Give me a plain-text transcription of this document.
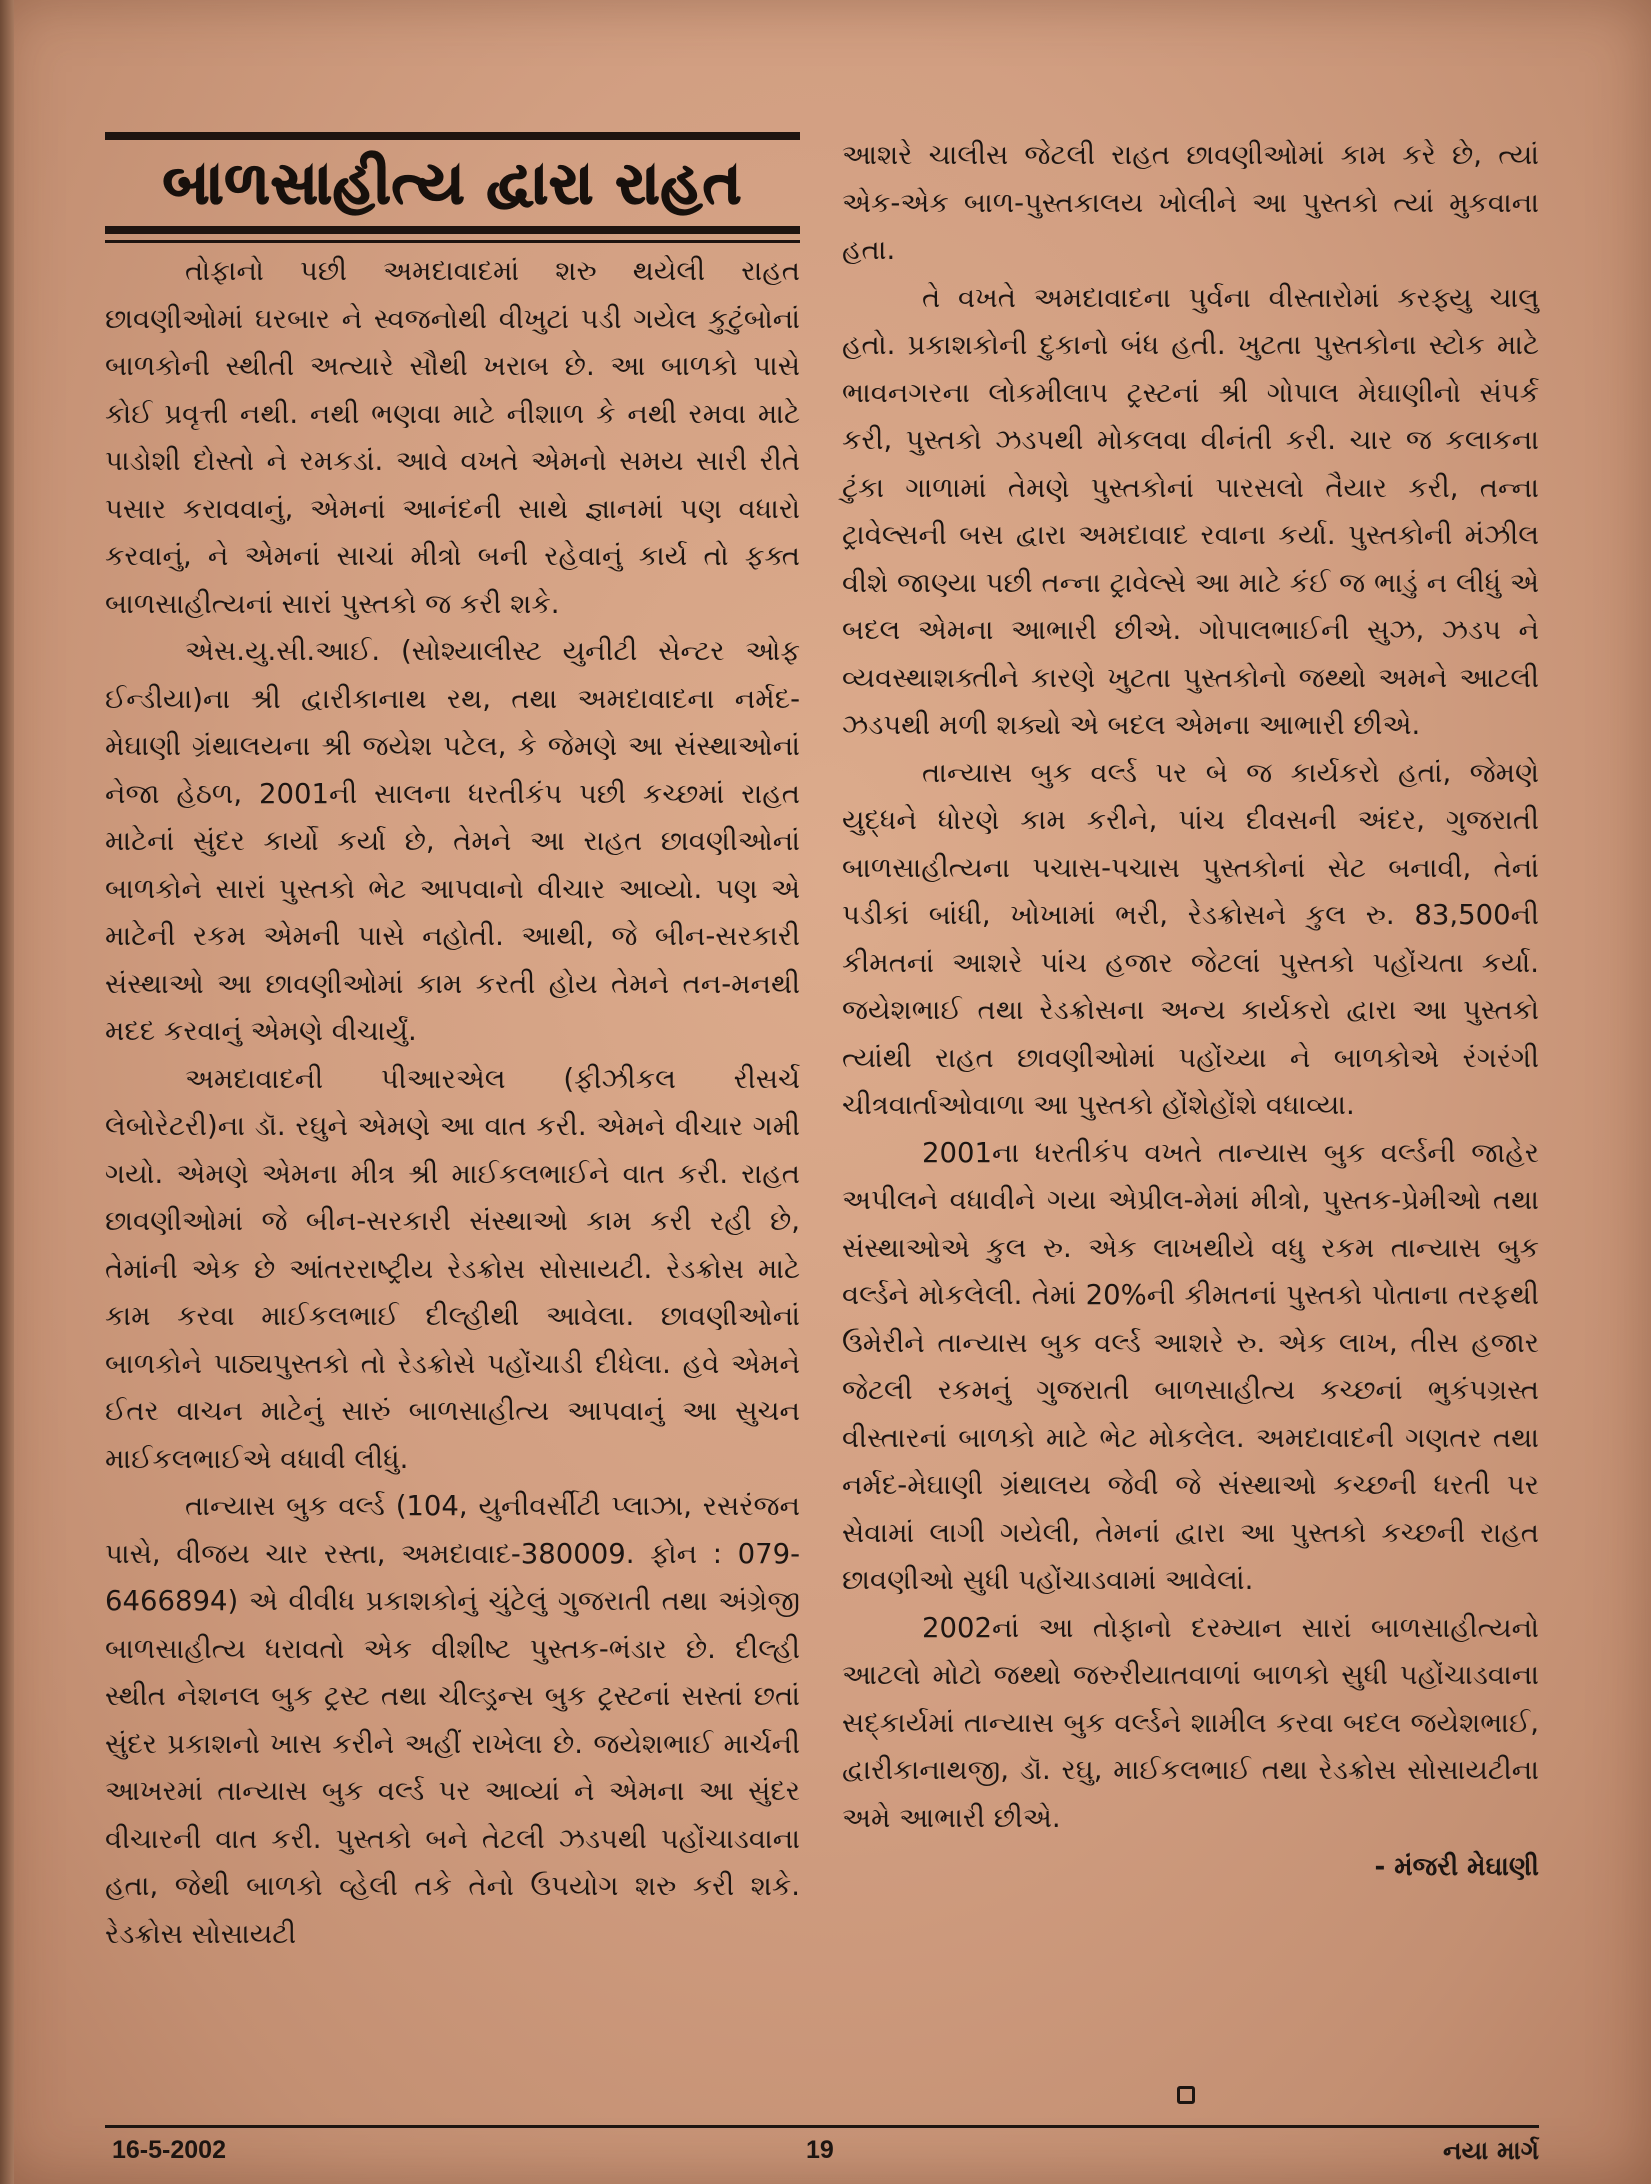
બાળસાહીત્ય દ્વારા રાહત

તોફાનો પછી અમદાવાદમાં શરુ થયેલી રાહત છાવણીઓમાં ઘરબાર ને સ્વજનોથી વીખુટાં પડી ગયેલ કુટુંબોનાં બાળકોની સ્થીતી અત્યારે સૌથી ખરાબ છે. આ બાળકો પાસે કોઈ પ્રવૃત્તી નથી. નથી ભણવા માટે નીશાળ કે નથી રમવા માટે પાડોશી દોસ્તો ને રમકડાં. આવે વખતે એમનો સમય સારી રીતે પસાર કરાવવાનું, એમનાં આનંદની સાથે જ્ઞાનમાં પણ વધારો કરવાનું, ને એમનાં સાચાં મીત્રો બની રહેવાનું કાર્ય તો ફક્ત બાળસાહીત્યનાં સારાં પુસ્તકો જ કરી શકે.

એસ.યુ.સી.આઈ. (સોશ્યાલીસ્ટ યુનીટી સેન્ટર ઓફ ઈન્ડીયા)ના શ્રી દ્વારીકાનાથ રથ, તથા અમદાવાદના નર્મદ-મેઘાણી ગ્રંથાલયના શ્રી જયેશ પટેલ, કે જેમણે આ સંસ્થાઓનાં નેજા હેઠળ, 2001ની સાલના ધરતીકંપ પછી કચ્છમાં રાહત માટેનાં સુંદર કાર્યો કર્યા છે, તેમને આ રાહત છાવણીઓનાં બાળકોને સારાં પુસ્તકો ભેટ આપવાનો વીચાર આવ્યો. પણ એ માટેની રકમ એમની પાસે નહોતી. આથી, જે બીન-સરકારી સંસ્થાઓ આ છાવણીઓમાં કામ કરતી હોય તેમને તન-મનથી મદદ કરવાનું એમણે વીચાર્યું.

અમદાવાદની પીઆરએલ (ફીઝીકલ રીસર્ચ લેબોરેટરી)ના ડૉ. રઘુને એમણે આ વાત કરી. એમને વીચાર ગમી ગયો. એમણે એમના મીત્ર શ્રી માઈકલભાઈને વાત કરી. રાહત છાવણીઓમાં જે બીન-સરકારી સંસ્થાઓ કામ કરી રહી છે, તેમાંની એક છે આંતરરાષ્ટ્રીય રેડક્રોસ સોસાયટી. રેડક્રોસ માટે કામ કરવા માઈકલભાઈ દીલ્હીથી આવેલા. છાવણીઓનાં બાળકોને પાઠ્યપુસ્તકો તો રેડક્રોસે પહોંચાડી દીધેલા. હવે એમને ઈતર વાચન માટેનું સારું બાળસાહીત્ય આપવાનું આ સુચન માઈકલભાઈએ વધાવી લીધું.

તાન્યાસ બુક વર્લ્ડ (104, યુનીવર્સીટી પ્લાઝા, રસરંજન પાસે, વીજય ચાર રસ્તા, અમદાવાદ-380009. ફોન : 079-6466894) એ વીવીધ પ્રકાશકોનું ચુંટેલું ગુજરાતી તથા અંગ્રેજી બાળસાહીત્ય ધરાવતો એક વીશીષ્ટ પુસ્તક-ભંડાર છે. દીલ્હી સ્થીત નેશનલ બુક ટ્રસ્ટ તથા ચીલ્ડ્રન્સ બુક ટ્રસ્ટનાં સસ્તાં છતાં સુંદર પ્રકાશનો ખાસ કરીને અહીં રાખેલા છે. જયેશભાઈ માર્ચની આખરમાં તાન્યાસ બુક વર્લ્ડ પર આવ્યાં ને એમના આ સુંદર વીચારની વાત કરી. પુસ્તકો બને તેટલી ઝડપથી પહોંચાડવાના હતા, જેથી બાળકો વ્હેલી તકે તેનો ઉપયોગ શરુ કરી શકે. રેડક્રોસ સોસાયટી

આશરે ચાલીસ જેટલી રાહત છાવણીઓમાં કામ કરે છે, ત્યાં એક-એક બાળ-પુસ્તકાલય ખોલીને આ પુસ્તકો ત્યાં મુકવાના હતા.

તે વખતે અમદાવાદના પુર્વના વીસ્તારોમાં કરફ્યુ ચાલુ હતો. પ્રકાશકોની દુકાનો બંધ હતી. ખુટતા પુસ્તકોના સ્ટોક માટે ભાવનગરના લોકમીલાપ ટ્રસ્ટનાં શ્રી ગોપાલ મેઘાણીનો સંપર્ક કરી, પુસ્તકો ઝડપથી મોકલવા વીનંતી કરી. ચાર જ કલાકના ટુંકા ગાળામાં તેમણે પુસ્તકોનાં પારસલો તૈયાર કરી, તન્ના ટ્રાવેલ્સની બસ દ્વારા અમદાવાદ રવાના કર્યા. પુસ્તકોની મંઝીલ વીશે જાણ્યા પછી તન્ના ટ્રાવેલ્સે આ માટે કંઈ જ ભાડું ન લીધું એ બદલ એમના આભારી છીએ. ગોપાલભાઈની સુઝ, ઝડપ ને વ્યવસ્થાશક્તીને કારણે ખુટતા પુસ્તકોનો જથ્થો અમને આટલી ઝડપથી મળી શક્યો એ બદલ એમના આભારી છીએ.

તાન્યાસ બુક વર્લ્ડ પર બે જ કાર્યકરો હતાં, જેમણે યુદ્ધને ધોરણે કામ કરીને, પાંચ દીવસની અંદર, ગુજરાતી બાળસાહીત્યના પચાસ-પચાસ પુસ્તકોનાં સેટ બનાવી, તેનાં પડીકાં બાંધી, ખોખામાં ભરી, રેડક્રોસને કુલ રુ. 83,500ની કીમતનાં આશરે પાંચ હજાર જેટલાં પુસ્તકો પહોંચતા કર્યા. જયેશભાઈ તથા રેડક્રોસના અન્ય કાર્યકરો દ્વારા આ પુસ્તકો ત્યાંથી રાહત છાવણીઓમાં પહોંચ્યા ને બાળકોએ રંગરંગી ચીત્રવાર્તાઓવાળા આ પુસ્તકો હોંશેહોંશે વધાવ્યા.

2001ના ધરતીકંપ વખતે તાન્યાસ બુક વર્લ્ડની જાહેર અપીલને વધાવીને ગયા એપ્રીલ-મેમાં મીત્રો, પુસ્તક-પ્રેમીઓ તથા સંસ્થાઓએ કુલ રુ. એક લાખથીયે વધુ રકમ તાન્યાસ બુક વર્લ્ડને મોકલેલી. તેમાં 20%ની કીમતનાં પુસ્તકો પોતાના તરફથી ઉમેરીને તાન્યાસ બુક વર્લ્ડ આશરે રુ. એક લાખ, તીસ હજાર જેટલી રકમનું ગુજરાતી બાળસાહીત્ય કચ્છનાં ભુકંપગ્રસ્ત વીસ્તારનાં બાળકો માટે ભેટ મોકલેલ. અમદાવાદની ગણતર તથા નર્મદ-મેઘાણી ગ્રંથાલય જેવી જે સંસ્થાઓ કચ્છની ધરતી પર સેવામાં લાગી ગયેલી, તેમનાં દ્વારા આ પુસ્તકો કચ્છની રાહત છાવણીઓ સુધી પહોંચાડવામાં આવેલાં.

2002નાં આ તોફાનો દરમ્યાન સારાં બાળસાહીત્યનો આટલો મોટો જથ્થો જરુરીયાતવાળાં બાળકો સુધી પહોંચાડવાના સદ્કાર્યમાં તાન્યાસ બુક વર્લ્ડને શામીલ કરવા બદલ જયેશભાઈ, દ્વારીકાનાથજી, ડૉ. રઘુ, માઈકલભાઈ તથા રેડક્રોસ સોસાયટીના અમે આભારી છીએ.

- મંજરી મેઘાણી
16-5-2002	19	નયા માર્ગ
